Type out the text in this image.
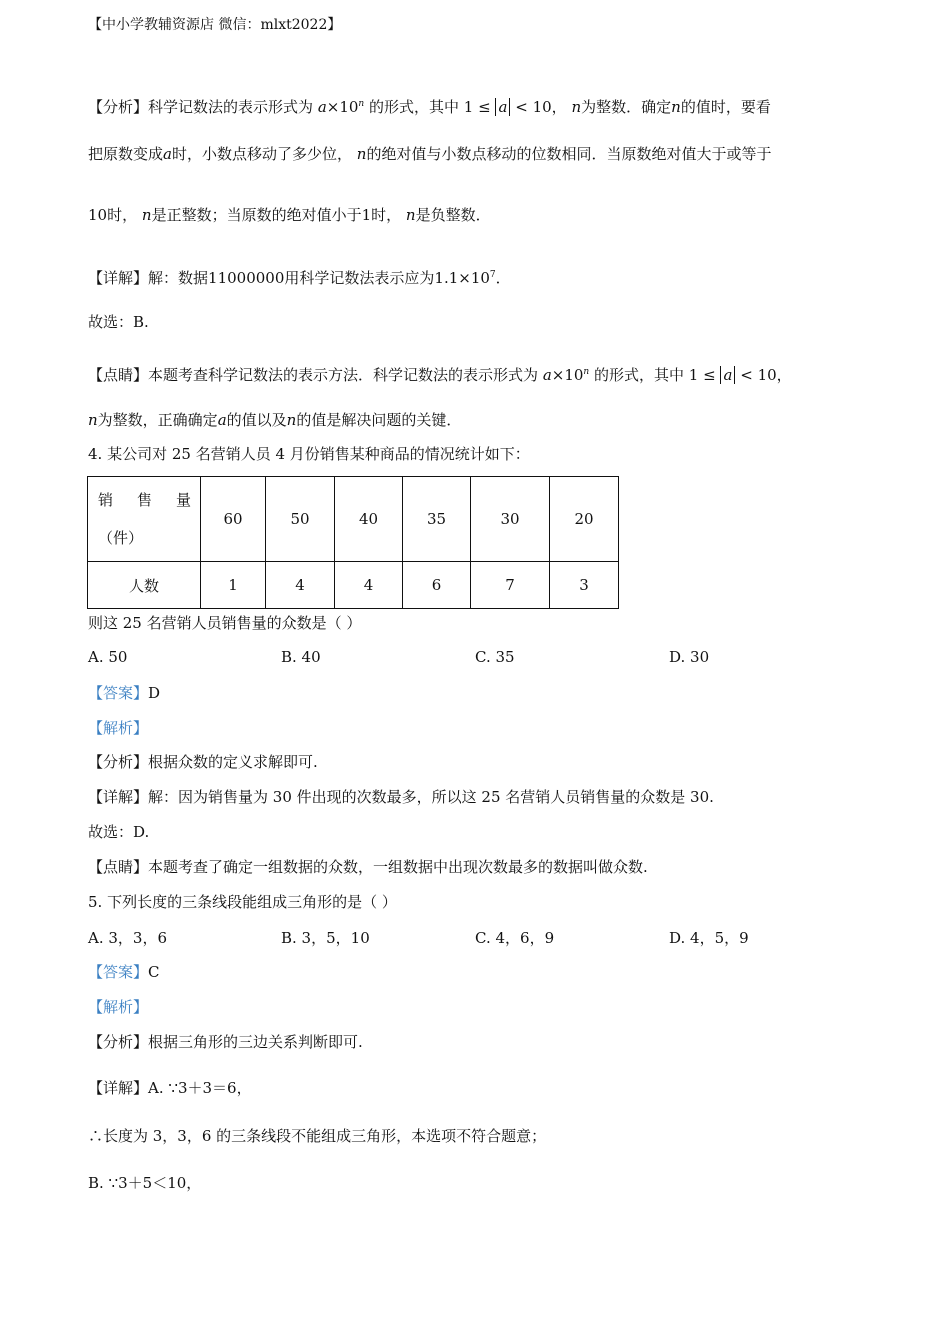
【中小学教辅资源店 微信：mlxt2022】
【分析】科学记数法的表示形式为 $a\times 10^n$ 的形式，其中 1 ≤ a < 10， n为整数．确定n的值时，要看
把原数变成a时，小数点移动了多少位， n的绝对值与小数点移动的位数相同．当原数绝对值大于或等于
10时， n是正整数；当原数的绝对值小于1时， n是负整数．
【详解】解：数据11000000用科学记数法表示应为$1.1\times 10^7$．
故选：B.
【点睛】本题考查科学记数法的表示方法．科学记数法的表示形式为 $a\times 10^n$ 的形式，其中 1 ≤ a < 10，
n为整数，正确确定a的值以及n的值是解决问题的关键．
4. 某公司对 25 名营销人员 4 月份销售某种商品的情况统计如下：
销 售 量
（件）	60	50	40	35	30	20
人数	1	4	4	6	7	3
则这 25 名营销人员销售量的众数是（ ）
A. 50	B. 40	C. 35	D. 30
【答案】D
【解析】
【分析】根据众数的定义求解即可.
【详解】解：因为销售量为 30 件出现的次数最多，所以这 25 名营销人员销售量的众数是 30.
故选：D.
【点睛】本题考查了确定一组数据的众数，一组数据中出现次数最多的数据叫做众数.
5. 下列长度的三条线段能组成三角形的是（ ）
A. 3，3，6	B. 3，5，10	C. 4，6，9	D. 4，5，9
【答案】C
【解析】
【分析】根据三角形的三边关系判断即可.
【详解】A. ∵3＋3＝6，
∴长度为 3，3，6 的三条线段不能组成三角形，本选项不符合题意；
B. ∵3＋5＜10，
